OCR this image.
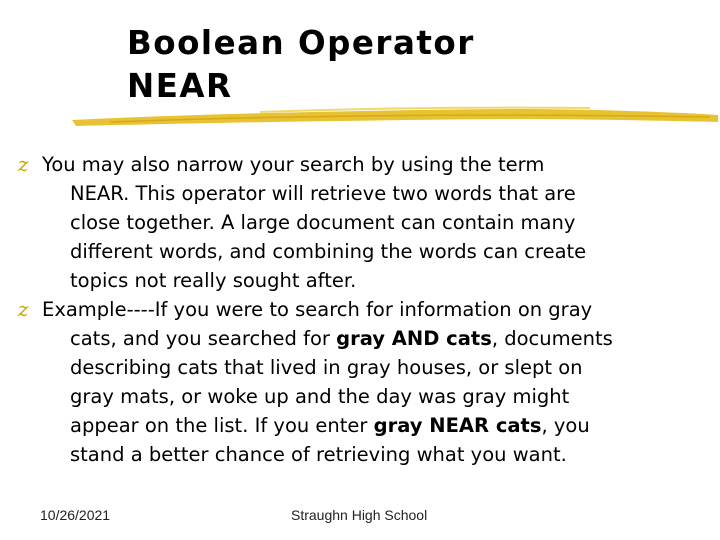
Boolean Operator
NEAR
z You may also narrow your search by using the term
NEAR. This operator will retrieve two words that are
close together. A large document can contain many
different words, and combining the words can create
topics not really sought after.
z Example----If you were to search for information on gray
cats, and you searched for gray AND cats, documents
describing cats that lived in gray houses, or slept on
gray mats, or woke up and the day was gray might
appear on the list. If you enter gray NEAR cats, you
stand a better chance of retrieving what you want.
10/26/2021	Straughn High School
